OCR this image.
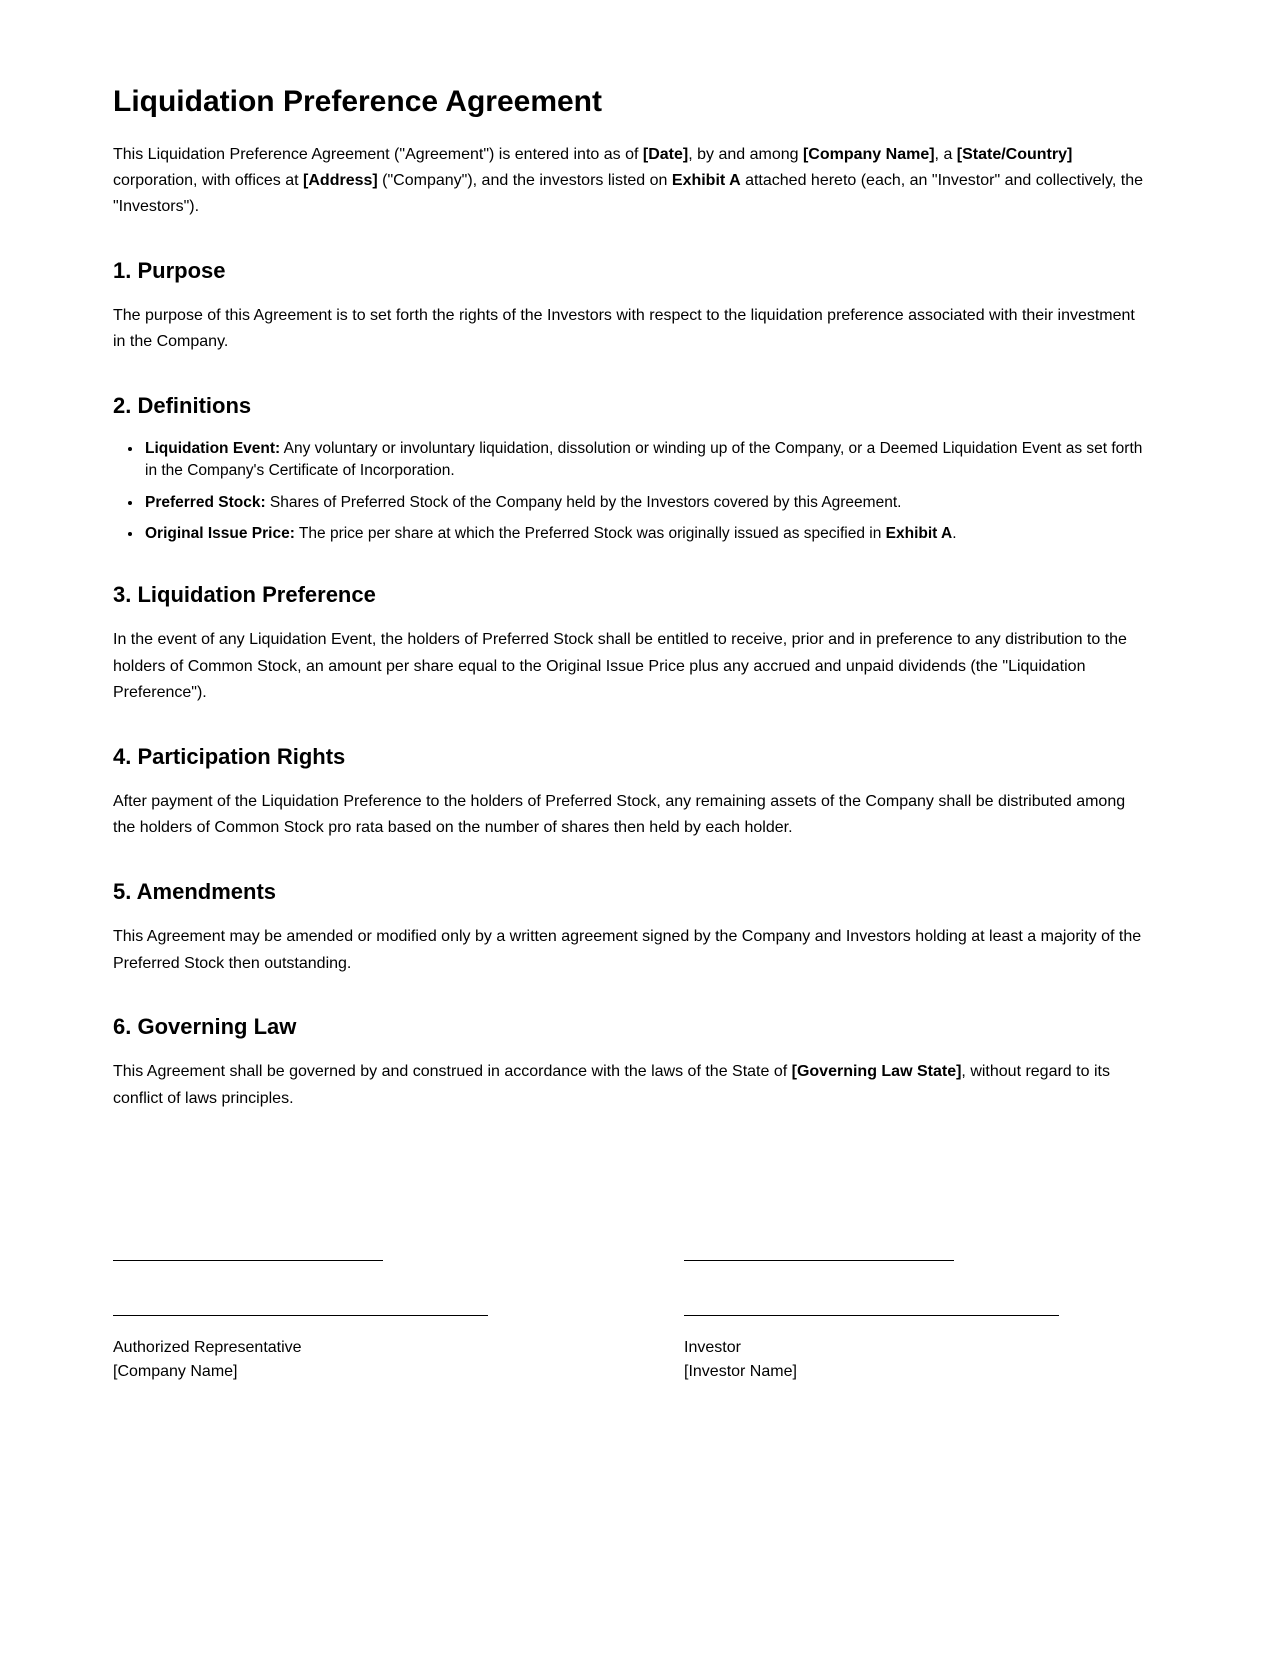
Liquidation Preference Agreement

This Liquidation Preference Agreement ("Agreement") is entered into as of [Date], by and among [Company Name], a [State/Country] corporation, with offices at [Address] ("Company"), and the investors listed on Exhibit A attached hereto (each, an "Investor" and collectively, the "Investors").

1. Purpose

The purpose of this Agreement is to set forth the rights of the Investors with respect to the liquidation preference associated with their investment in the Company.

2. Definitions
• Liquidation Event: Any voluntary or involuntary liquidation, dissolution or winding up of the Company, or a Deemed Liquidation Event as set forth in the Company's Certificate of Incorporation.
• Preferred Stock: Shares of Preferred Stock of the Company held by the Investors covered by this Agreement.
• Original Issue Price: The price per share at which the Preferred Stock was originally issued as specified in Exhibit A.
3. Liquidation Preference

In the event of any Liquidation Event, the holders of Preferred Stock shall be entitled to receive, prior and in preference to any distribution to the holders of Common Stock, an amount per share equal to the Original Issue Price plus any accrued and unpaid dividends (the "Liquidation Preference").

4. Participation Rights

After payment of the Liquidation Preference to the holders of Preferred Stock, any remaining assets of the Company shall be distributed among the holders of Common Stock pro rata based on the number of shares then held by each holder.

5. Amendments

This Agreement may be amended or modified only by a written agreement signed by the Company and Investors holding at least a majority of the Preferred Stock then outstanding.

6. Governing Law

This Agreement shall be governed by and construed in accordance with the laws of the State of [Governing Law State], without regard to its conflict of laws principles.

Authorized Representative
[Company Name]
Investor
[Investor Name]
